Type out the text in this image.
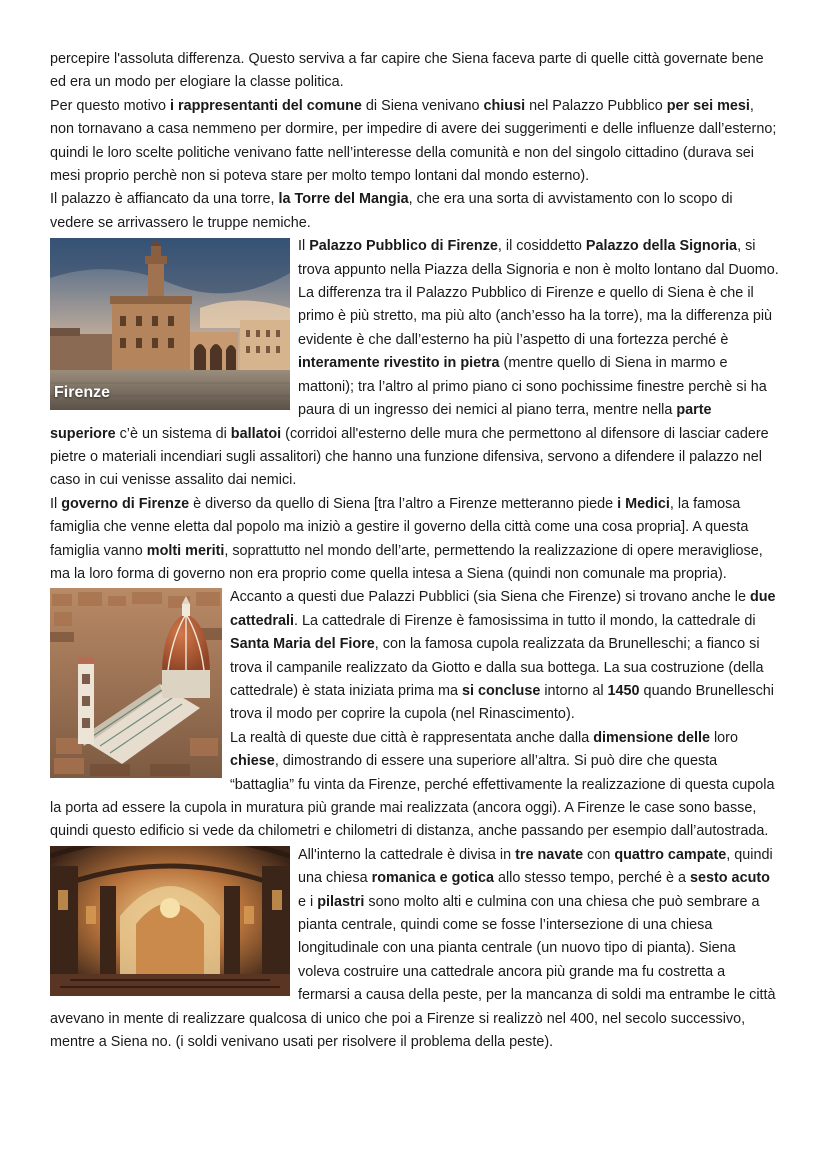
percepire l'assoluta differenza. Questo serviva a far capire che Siena faceva parte di quelle città governate bene ed era un modo per elogiare la classe politica.

Per questo motivo i rappresentanti del comune di Siena venivano chiusi nel Palazzo Pubblico per sei mesi, non tornavano a casa nemmeno per dormire, per impedire di avere dei suggerimenti e delle influenze dall’esterno; quindi le loro scelte politiche venivano fatte nell’interesse della comunità e non del singolo cittadino (durava sei mesi proprio perchè non si poteva stare per molto tempo lontani dal mondo esterno).

Il palazzo è affiancato da una torre, la Torre del Mangia, che era una sorta di avvistamento con lo scopo di vedere se arrivassero le truppe nemiche.

Firenze

Il Palazzo Pubblico di Firenze, il cosiddetto Palazzo della Signoria, si trova appunto nella Piazza della Signoria e non è molto lontano dal Duomo. La differenza tra il Palazzo Pubblico di Firenze e quello di Siena è che il primo è più stretto, ma più alto (anch’esso ha la torre), ma la differenza più evidente è che dall’esterno ha più l’aspetto di una fortezza perché è interamente rivestito in pietra (mentre quello di Siena in marmo e mattoni); tra l’altro al primo piano ci sono pochissime finestre perchè si ha paura di un ingresso dei nemici al piano terra, mentre nella parte superiore c’è un sistema di ballatoi (corridoi all'esterno delle mura che permettono al difensore di lasciar cadere pietre o materiali incendiari sugli assalitori) che hanno una funzione difensiva, servono a difendere il palazzo nel caso in cui venisse assalito dai nemici.

Il governo di Firenze è diverso da quello di Siena [tra l’altro a Firenze metteranno piede i Medici, la famosa famiglia che venne eletta dal popolo ma iniziò a gestire il governo della città come una cosa propria]. A questa famiglia vanno molti meriti, soprattutto nel mondo dell’arte, permettendo la realizzazione di opere meravigliose, ma la loro forma di governo non era proprio come quella intesa a Siena (quindi non comunale ma propria).

Accanto a questi due Palazzi Pubblici (sia Siena che Firenze) si trovano anche le due cattedrali. La cattedrale di Firenze è famosissima in tutto il mondo, la cattedrale di Santa Maria del Fiore, con la famosa cupola realizzata da Brunelleschi; a fianco si trova il campanile realizzato da Giotto e dalla sua bottega. La sua costruzione (della cattedrale) è stata iniziata prima ma si concluse intorno al 1450 quando Brunelleschi trova il modo per coprire la cupola (nel Rinascimento).

La realtà di queste due città è rappresentata anche dalla dimensione delle loro chiese, dimostrando di essere una superiore all’altra. Si può dire che questa “battaglia” fu vinta da Firenze, perché effettivamente la realizzazione di questa cupola la porta ad essere la cupola in muratura più grande mai realizzata (ancora oggi). A Firenze le case sono basse, quindi questo edificio si vede da chilometri e chilometri di distanza, anche passando per esempio dall’autostrada.

All'interno la cattedrale è divisa in tre navate con quattro campate, quindi una chiesa romanica e gotica allo stesso tempo, perché è a sesto acuto e i pilastri sono molto alti e culmina con una chiesa che può sembrare a pianta centrale, quindi come se fosse l’intersezione di una chiesa longitudinale con una pianta centrale (un nuovo tipo di pianta). Siena voleva costruire una cattedrale ancora più grande ma fu costretta a fermarsi a causa della peste, per la mancanza di soldi ma entrambe le città avevano in mente di realizzare qualcosa di unico che poi a Firenze si realizzò nel 400, nel secolo successivo, mentre a Siena no. (i soldi venivano usati per risolvere il problema della peste).
